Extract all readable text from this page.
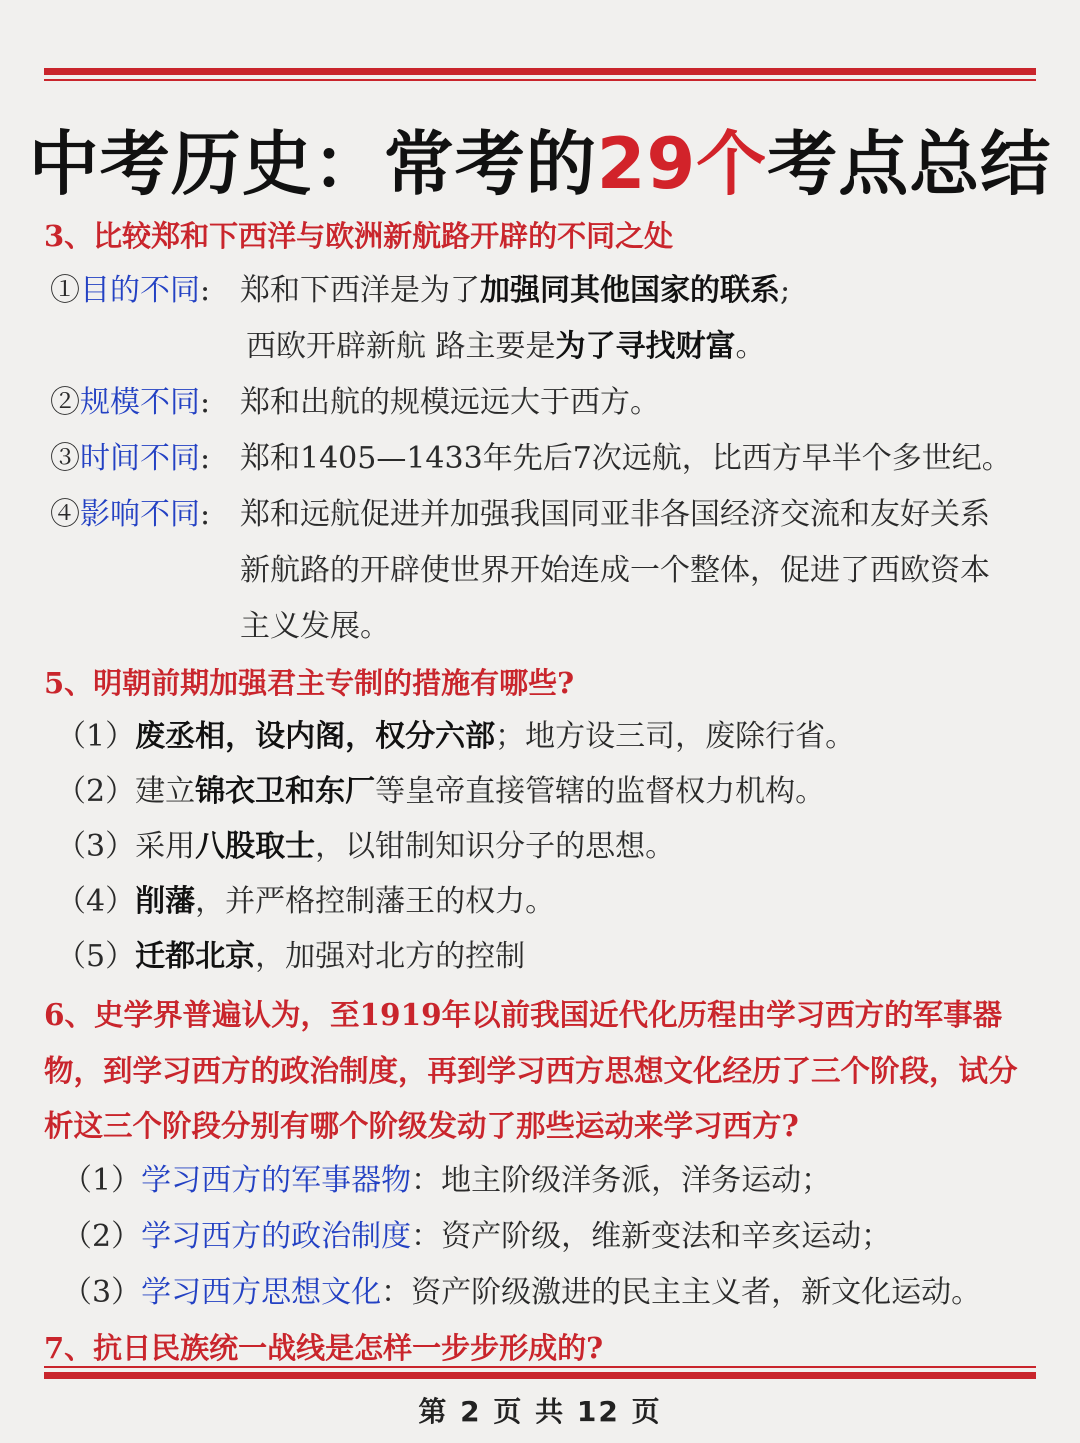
中考历史：常考的29个考点总结
3、比较郑和下西洋与欧洲新航路开辟的不同之处
①目的不同: 郑和下西洋是为了加强同其他国家的联系;
西欧开辟新航 路主要是为了寻找财富。
②规模不同: 郑和出航的规模远远大于西方。
③时间不同: 郑和1405—1433年先后7次远航，比西方早半个多世纪。
④影响不同: 郑和远航促进并加强我国同亚非各国经济交流和友好关系
新航路的开辟使世界开始连成一个整体，促进了西欧资本
主义发展。
5、明朝前期加强君主专制的措施有哪些?
（1）废丞相，设内阁，权分六部；地方设三司，废除行省。
（2）建立锦衣卫和东厂等皇帝直接管辖的监督权力机构。
（3）采用八股取士，以钳制知识分子的思想。
（4）削藩，并严格控制藩王的权力。
（5）迁都北京，加强对北方的控制
6、史学界普遍认为，至1919年以前我国近代化历程由学习西方的军事器物，到学习西方的政治制度，再到学习西方思想文化经历了三个阶段，试分析这三个阶段分别有哪个阶级发动了那些运动来学习西方?
（1）学习西方的军事器物：地主阶级洋务派，洋务运动；
（2）学习西方的政治制度：资产阶级，维新变法和辛亥运动；
（3）学习西方思想文化：资产阶级激进的民主主义者，新文化运动。
7、抗日民族统一战线是怎样一步步形成的?
第 2 页 共 12 页
